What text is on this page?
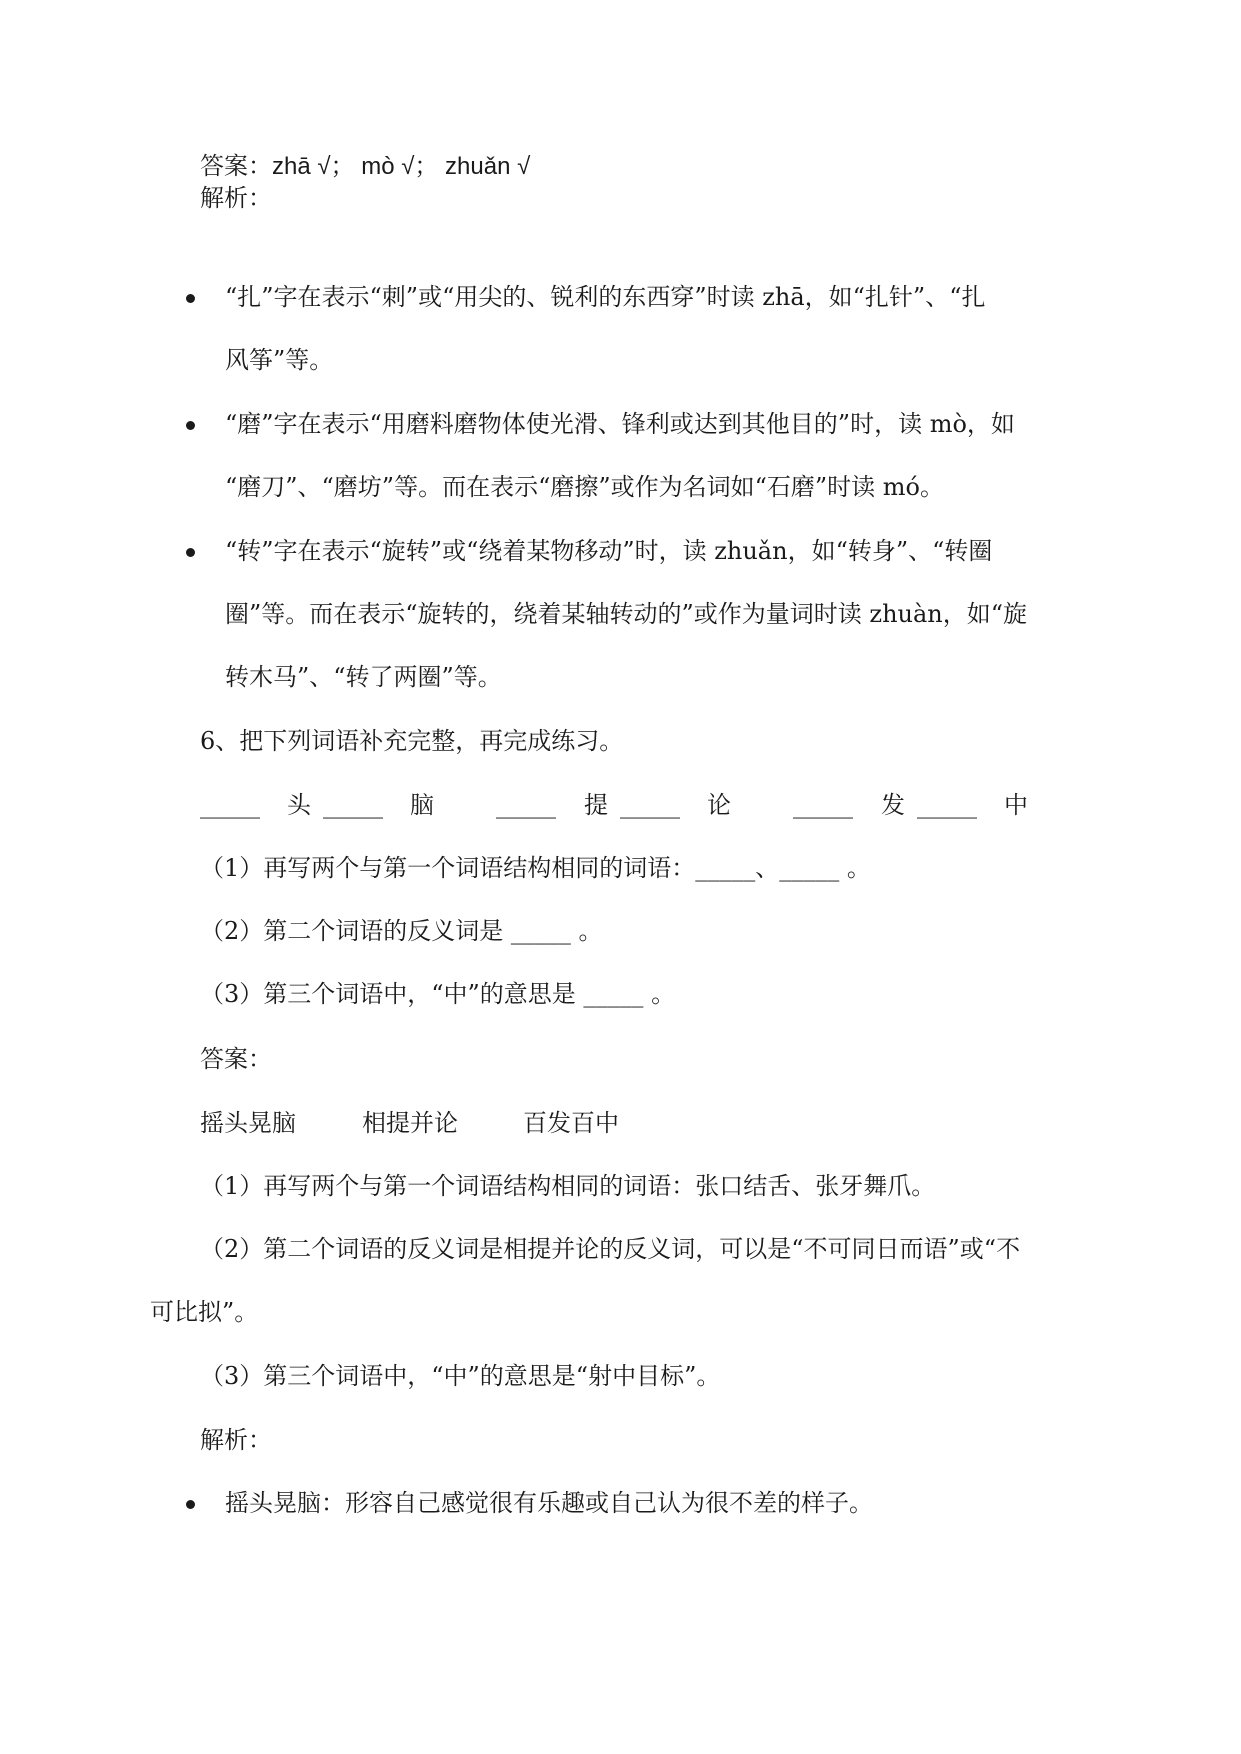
答案：zhā √； mò √； zhuǎn √

解析：

“扎”字在表示“刺”或“用尖的、锐利的东西穿”时读 zhā，如“扎针”、“扎

风筝”等。

“磨”字在表示“用磨料磨物体使光滑、锋利或达到其他目的”时，读 mò，如

“磨刀”、“磨坊”等。而在表示“磨擦”或作为名词如“石磨”时读 mó。

“转”字在表示“旋转”或“绕着某物移动”时，读 zhuǎn，如“转身”、“转圈

圈”等。而在表示“旋转的，绕着某轴转动的”或作为量词时读 zhuàn，如“旋

转木马”、“转了两圈”等。

6、把下列词语补充完整，再完成练习。

_____ 头 _____ 脑	_____ 提 _____ 论	_____ 发 _____ 中

（1）再写两个与第一个词语结构相同的词语：_____、_____ 。

（2）第二个词语的反义词是 _____ 。

（3）第三个词语中，“中”的意思是 _____ 。

答案：

摇头晃脑	相提并论	百发百中

（1）再写两个与第一个词语结构相同的词语：张口结舌、张牙舞爪。

（2）第二个词语的反义词是相提并论的反义词，可以是“不可同日而语”或“不

可比拟”。

（3）第三个词语中，“中”的意思是“射中目标”。

解析：

摇头晃脑：形容自己感觉很有乐趣或自己认为很不差的样子。
